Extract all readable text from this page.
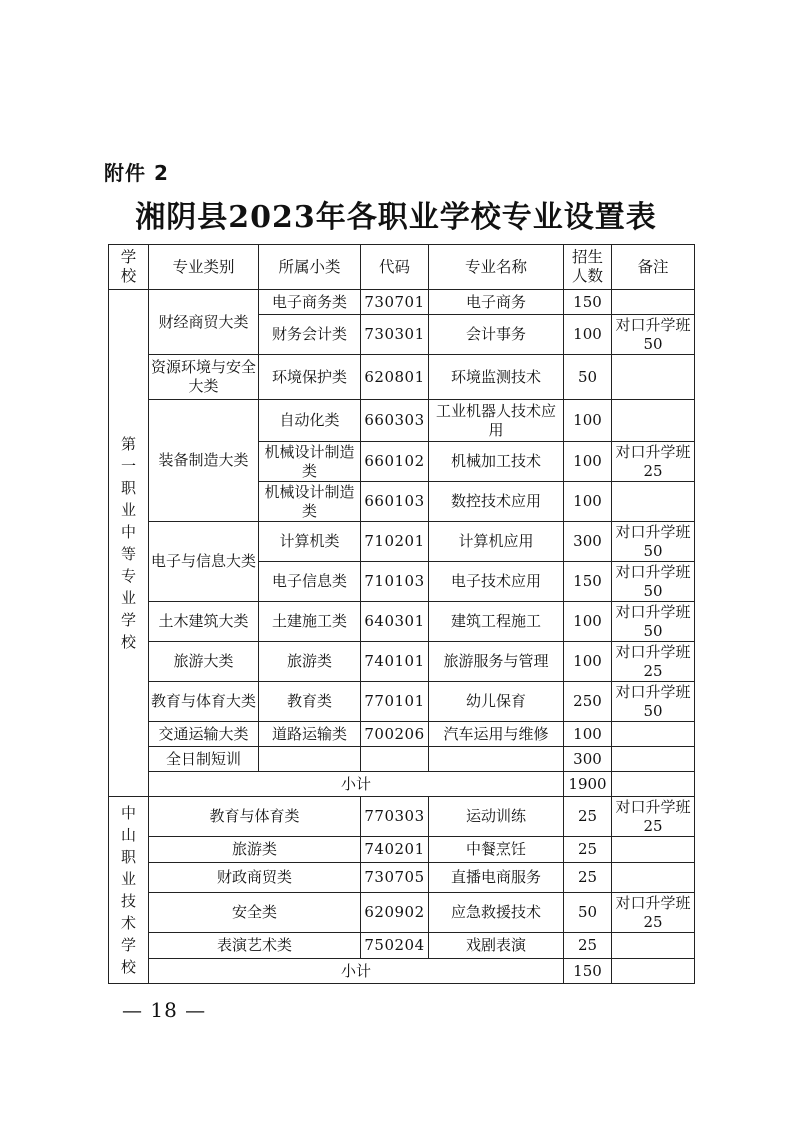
附件 2
湘阴县2023年各职业学校专业设置表
学校	专业类别	所属小类	代码	专业名称	招生人数	备注
第一职业中等专业学校	财经商贸大类	电子商务类	730701	电子商务	150	
		财务会计类	730301	会计事务	100	对口升学班50
	资源环境与安全大类	环境保护类	620801	环境监测技术	50	
	装备制造大类	自动化类	660303	工业机器人技术应用	100	
		机械设计制造类	660102	机械加工技术	100	对口升学班25
		机械设计制造类	660103	数控技术应用	100	
	电子与信息大类	计算机类	710201	计算机应用	300	对口升学班50
		电子信息类	710103	电子技术应用	150	对口升学班50
	土木建筑大类	土建施工类	640301	建筑工程施工	100	对口升学班50
	旅游大类	旅游类	740101	旅游服务与管理	100	对口升学班25
	教育与体育大类	教育类	770101	幼儿保育	250	对口升学班50
	交通运输大类	道路运输类	700206	汽车运用与维修	100	
	全日制短训				300	
	小计				1900	
中山职业技术学校	教育与体育类		770303	运动训练	25	对口升学班25
	旅游类		740201	中餐烹饪	25	
	财政商贸类		730705	直播电商服务	25	
	安全类		620902	应急救援技术	50	对口升学班25
	表演艺术类		750204	戏剧表演	25	
	小计				150	
— 18 —
